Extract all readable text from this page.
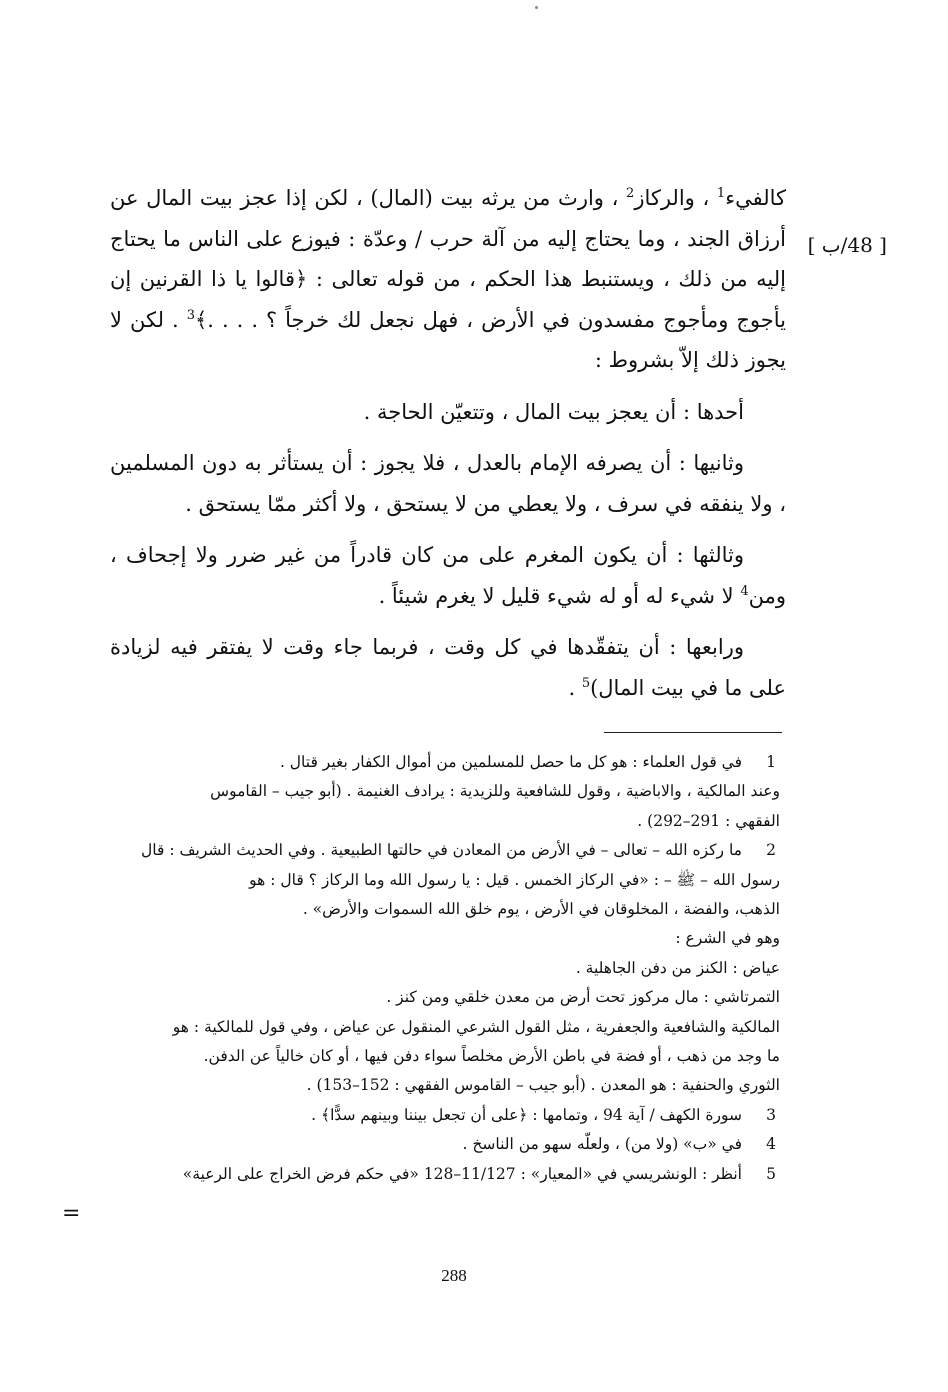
كالفيء$^1$ ، والركاز$^2$ ، وارث من يرثه بيت (المال) ، لكن إذا عجز بيت المال عن أرزاق الجند ، وما يحتاج إليه من آلة حرب / وعدّة : فيوزع على الناس ما يحتاج إليه من ذلك ، ويستنبط هذا الحكم ، من قوله تعالى : ﴿قالوا يا ذا القرنين إن يأجوج ومأجوج مفسدون في الأرض ، فهل نجعل لك خرجاً ؟ . . . .﴾$^3$ . لكن لا يجوز ذلك إلاّ بشروط :

أحدها : أن يعجز بيت المال ، وتتعيّن الحاجة .

وثانيها : أن يصرفه الإمام بالعدل ، فلا يجوز : أن يستأثر به دون المسلمين ، ولا ينفقه في سرف ، ولا يعطي من لا يستحق ، ولا أكثر ممّا يستحق .

وثالثها : أن يكون المغرم على من كان قادراً من غير ضرر ولا إجحاف ، ومن$^4$ لا شيء له أو له شيء قليل لا يغرم شيئاً .

ورابعها : أن يتفقّدها في كل وقت ، فربما جاء وقت لا يفتقر فيه لزيادة على ما في بيت المال)$^5$ .

[ 48/ب ]
1
في قول العلماء : هو كل ما حصل للمسلمين من أموال الكفار بغير قتال .
وعند المالكية ، والاباضية ، وقول للشافعية وللزيدية : يرادف الغنيمة . (أبو جيب – القاموس
الفقهي : 291–292) .
2
ما ركزه الله – تعالى – في الأرض من المعادن في حالتها الطبيعية . وفي الحديث الشريف : قال
رسول الله – ﷺ – : «في الركاز الخمس . قيل : يا رسول الله وما الركاز ؟ قال : هو
الذهب، والفضة ، المخلوقان في الأرض ، يوم خلق الله السموات والأرض» .
وهو في الشرع :
عياض : الكنز من دفن الجاهلية .
التمرتاشي : مال مركوز تحت أرض من معدن خلقي ومن كنز .
المالكية والشافعية والجعفرية ، مثل القول الشرعي المنقول عن عياض ، وفي قول للمالكية : هو
ما وجد من ذهب ، أو فضة في باطن الأرض مخلصاً سواء دفن فيها ، أو كان خالياً عن الدفن.
الثوري والحنفية : هو المعدن . (أبو جيب – القاموس الفقهي : 152–153) .
3
سورة الكهف / آية 94 ، وتمامها : ﴿على أن تجعل بيننا وبينهم سدًّا﴾ .
4
في «ب» (ولا من) ، ولعلّه سهو من الناسخ .
5
أنظر : الونشريسي في «المعيار» : 11/127–128 «في حكم فرض الخراج على الرعية»
=
288
